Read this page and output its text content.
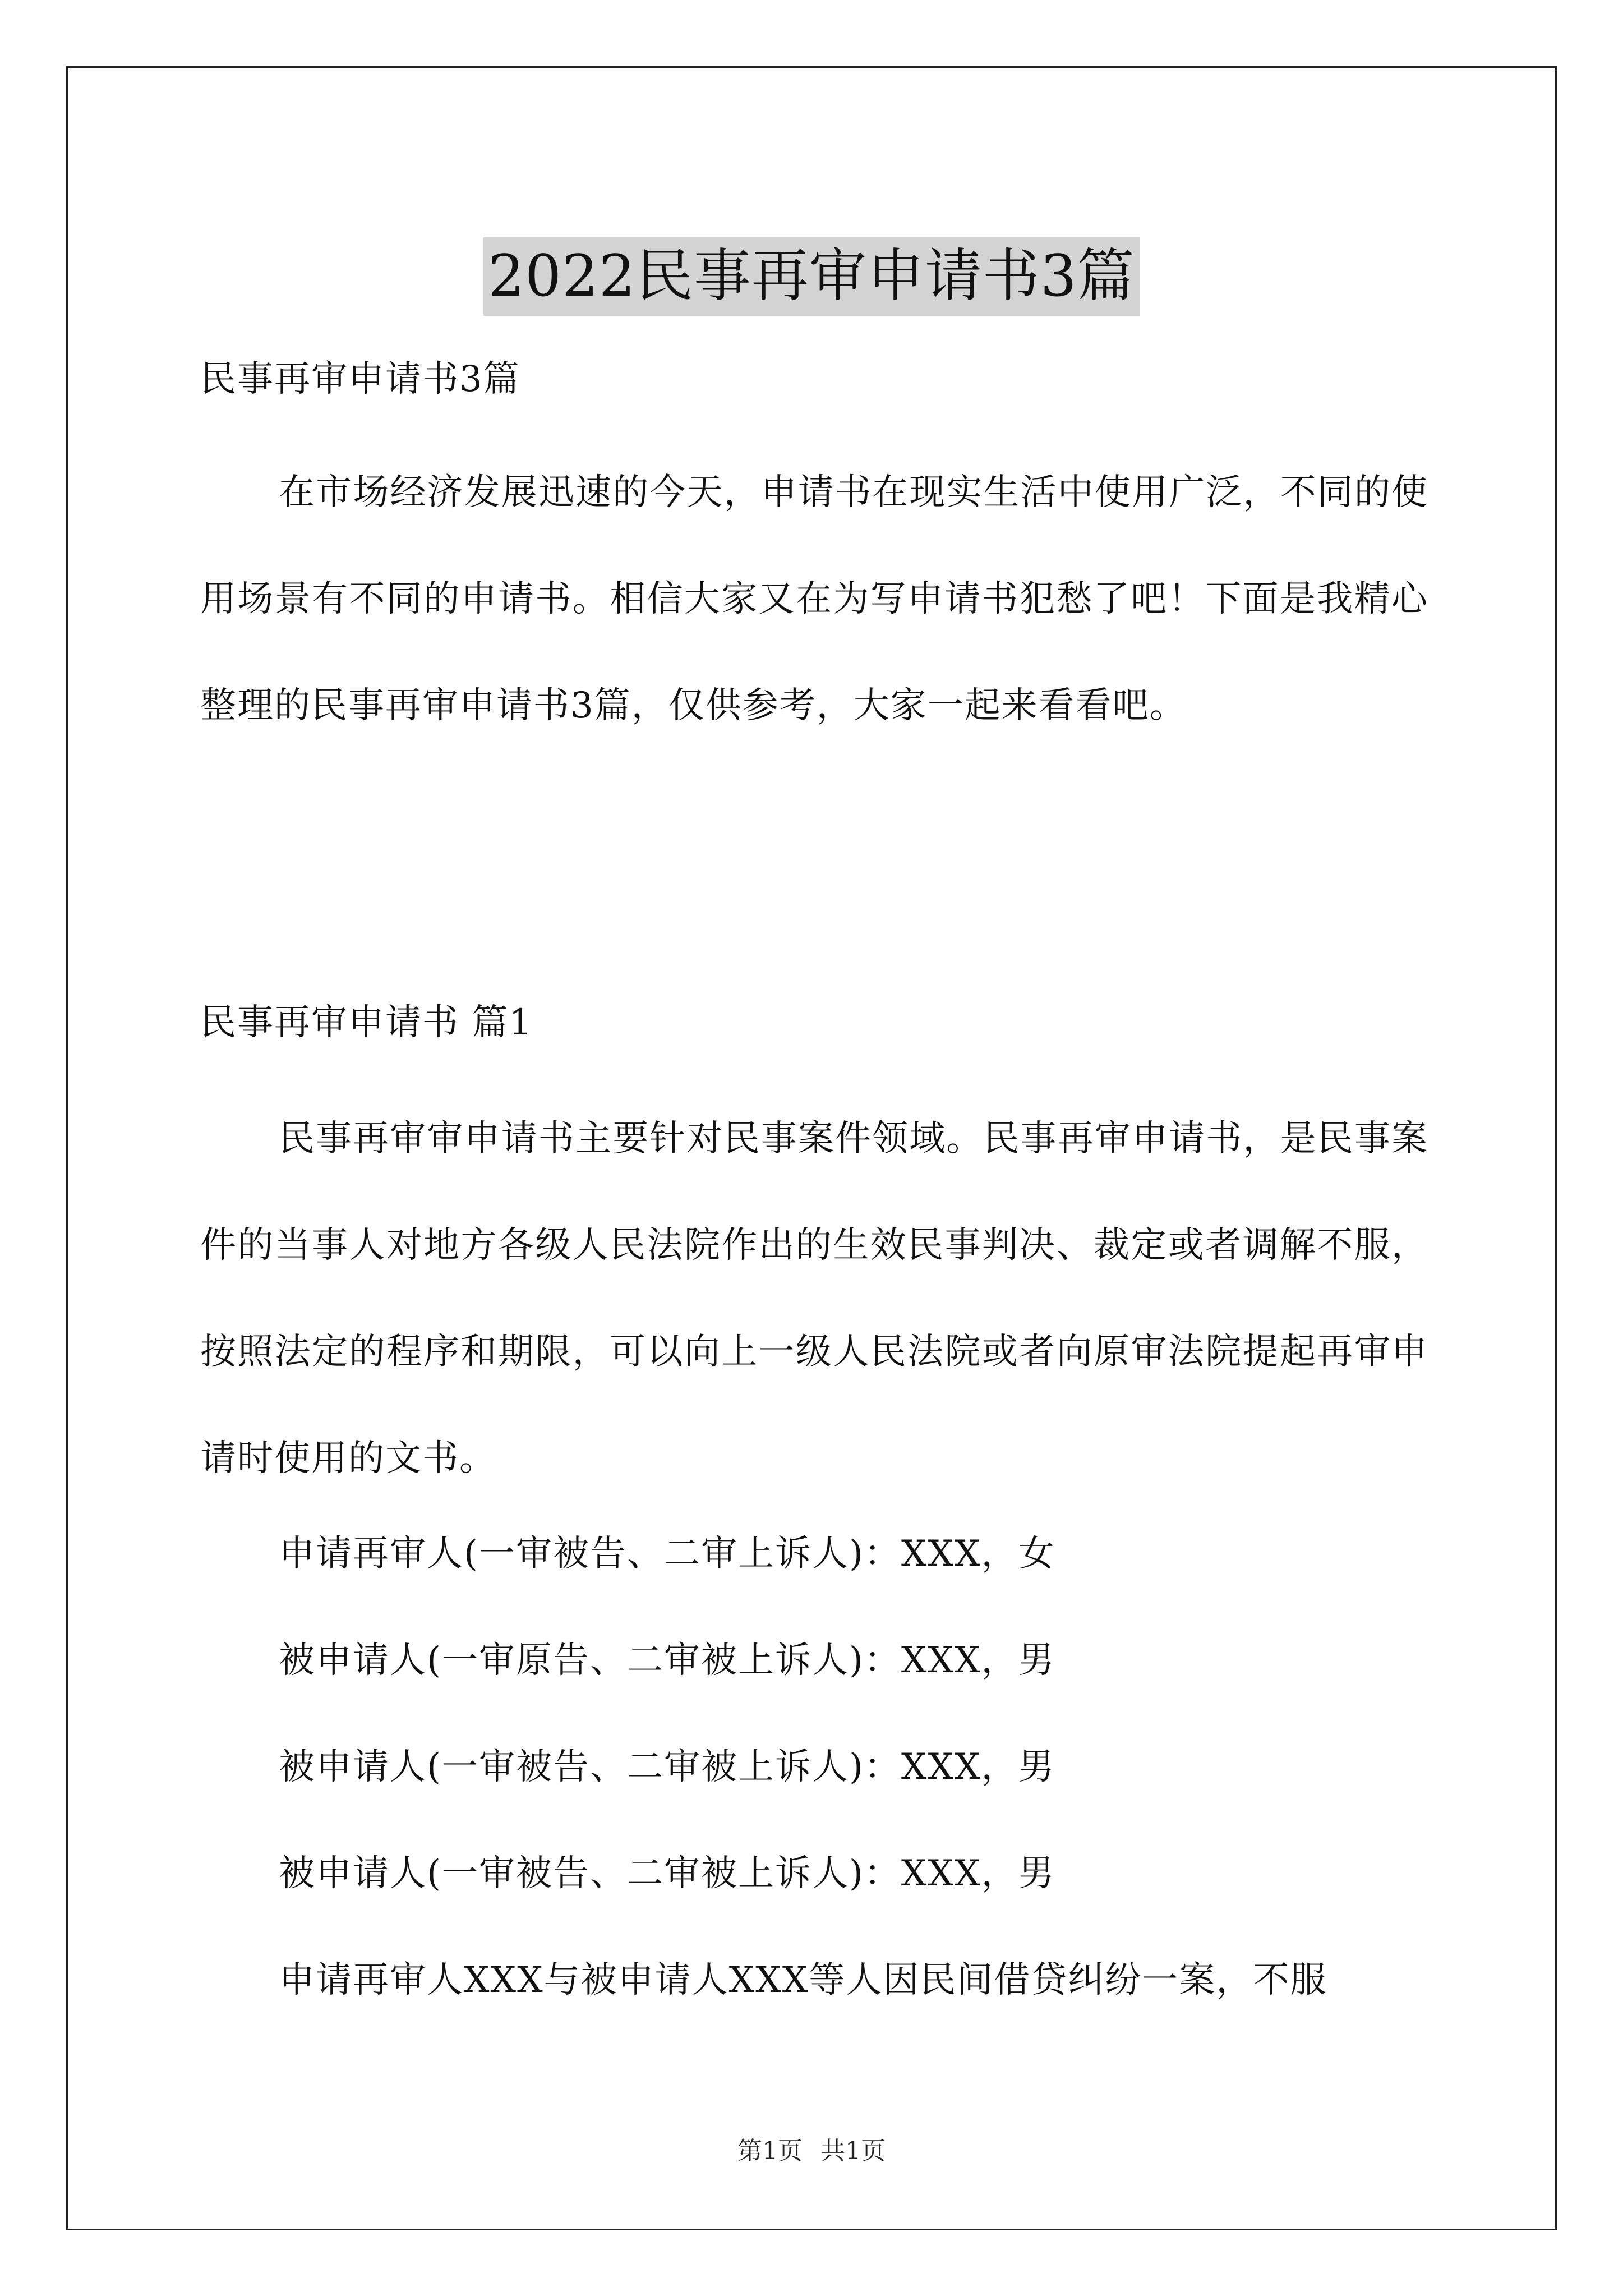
2022民事再审申请书3篇
民事再审申请书3篇
在市场经济发展迅速的今天，申请书在现实生活中使用广泛，不同的使用场景有不同的申请书。相信大家又在为写申请书犯愁了吧！下面是我精心整理的民事再审申请书3篇，仅供参考，大家一起来看看吧。
民事再审申请书 篇1
民事再审审申请书主要针对民事案件领域。民事再审申请书，是民事案件的当事人对地方各级人民法院作出的生效民事判决、裁定或者调解不服，按照法定的程序和期限，可以向上一级人民法院或者向原审法院提起再审申请时使用的文书。
申请再审人(一审被告、二审上诉人)：XXX，女
被申请人(一审原告、二审被上诉人)：XXX，男
被申请人(一审被告、二审被上诉人)：XXX，男
被申请人(一审被告、二审被上诉人)：XXX，男
申请再审人XXX与被申请人XXX等人因民间借贷纠纷一案，不服
第1页 共1页
